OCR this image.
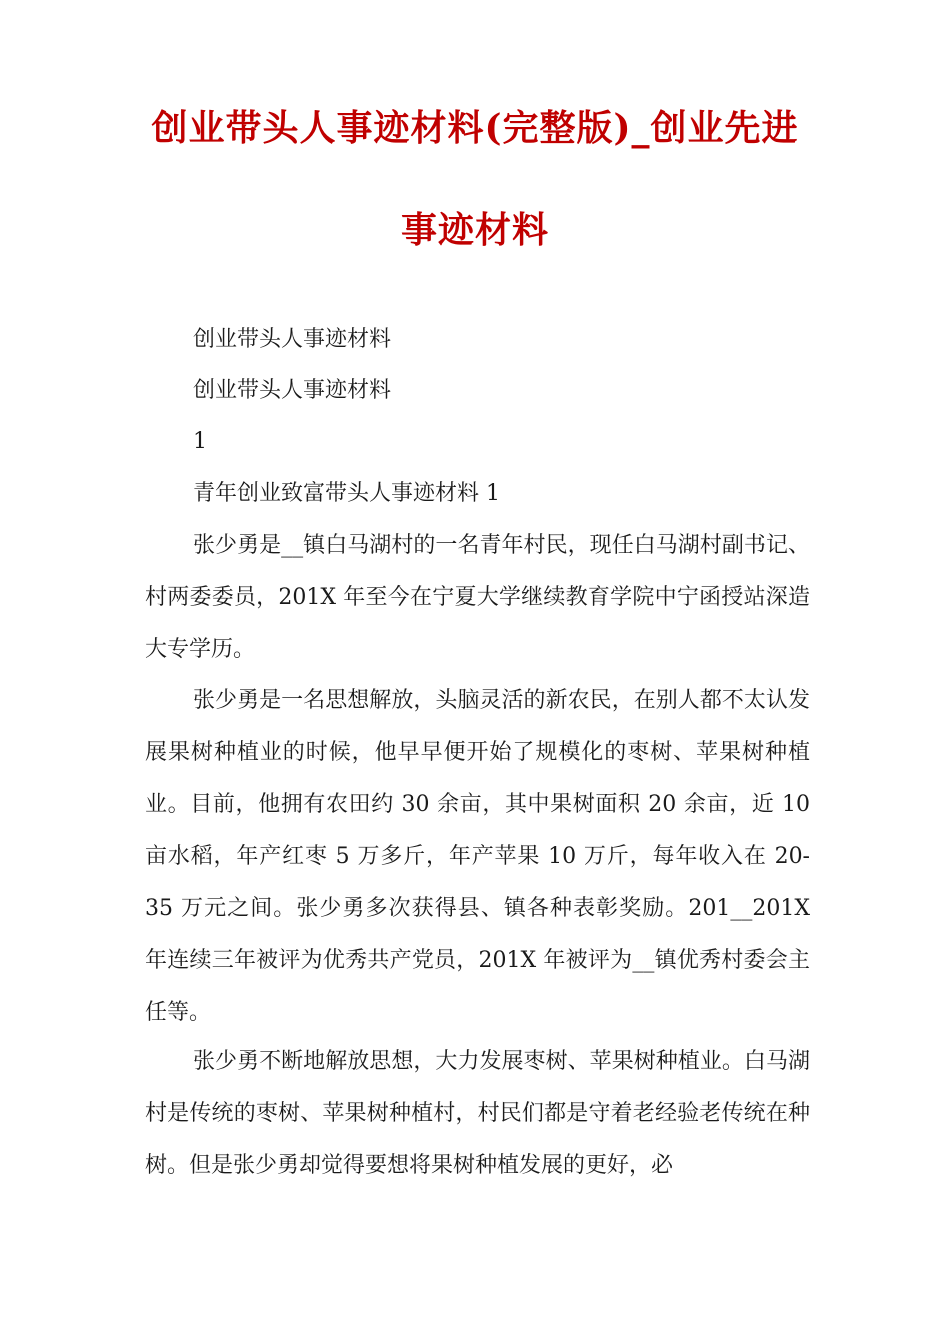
创业带头人事迹材料(完整版)_创业先进
事迹材料

创业带头人事迹材料

创业带头人事迹材料

1

青年创业致富带头人事迹材料 1

张少勇是__镇白马湖村的一名青年村民，现任白马湖村副书记、村两委委员，201X 年至今在宁夏大学继续教育学院中宁函授站深造大专学历。

张少勇是一名思想解放，头脑灵活的新农民，在别人都不太认发展果树种植业的时候，他早早便开始了规模化的枣树、苹果树种植业。目前，他拥有农田约 30 余亩，其中果树面积 20 余亩，近 10 亩水稻，年产红枣 5 万多斤，年产苹果 10 万斤，每年收入在 20-35 万元之间。张少勇多次获得县、镇各种表彰奖励。201__201X 年连续三年被评为优秀共产党员，201X 年被评为__镇优秀村委会主任等。

张少勇不断地解放思想，大力发展枣树、苹果树种植业。白马湖村是传统的枣树、苹果树种植村，村民们都是守着老经验老传统在种树。但是张少勇却觉得要想将果树种植发展的更好，必
